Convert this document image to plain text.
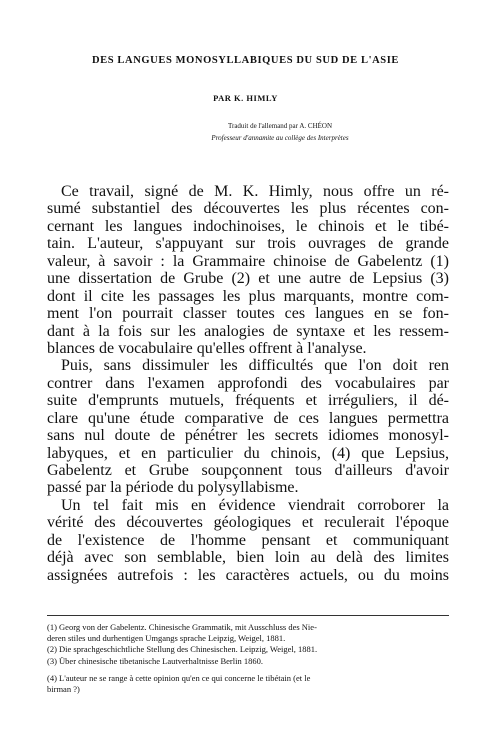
DES LANGUES MONOSYLLABIQUES DU SUD DE L'ASIE
PAR K. HIMLY
Traduit de l'allemand par A. CHÉON
Professeur d'annamite au collège des Interprètes
Ce travail, signé de M. K. Himly, nous offre un ré-
sumé substantiel des découvertes les plus récentes con-
cernant les langues indochinoises, le chinois et le tibé-
tain. L'auteur, s'appuyant sur trois ouvrages de grande
valeur, à savoir : la Grammaire chinoise de Gabelentz (1)
une dissertation de Grube (2) et une autre de Lepsius (3)
dont il cite les passages les plus marquants, montre com-
ment l'on pourrait classer toutes ces langues en se fon-
dant à la fois sur les analogies de syntaxe et les ressem-
blances de vocabulaire qu'elles offrent à l'analyse.
Puis, sans dissimuler les difficultés que l'on doit ren
contrer dans l'examen approfondi des vocabulaires par
suite d'emprunts mutuels, fréquents et irréguliers, il dé-
clare qu'une étude comparative de ces langues permettra
sans nul doute de pénétrer les secrets idiomes monosyl-
labyques, et en particulier du chinois, (4) que Lepsius,
Gabelentz et Grube soupçonnent tous d'ailleurs d'avoir
passé par la période du polysyllabisme.
Un tel fait mis en évidence viendrait corroborer la
vérité des découvertes géologiques et reculerait l'époque
de l'existence de l'homme pensant et communiquant
déjà avec son semblable, bien loin au delà des limites
assignées autrefois : les caractères actuels, ou du moins
(1) Georg von der Gabelentz. Chinesische Grammatik, mit Ausschluss des Nie-
deren stiles und durhentigen Umgangs sprache Leipzig, Weigel, 1881.
(2) Die sprachgeschichtliche Stellung des Chinesischen. Leipzig, Weigel, 1881.
(3) Über chinesische tibetanische Lautverhaltnisse Berlin 1860.
(4) L'auteur ne se range à cette opinion qu'en ce qui concerne le tibétain (et le
birman ?)
